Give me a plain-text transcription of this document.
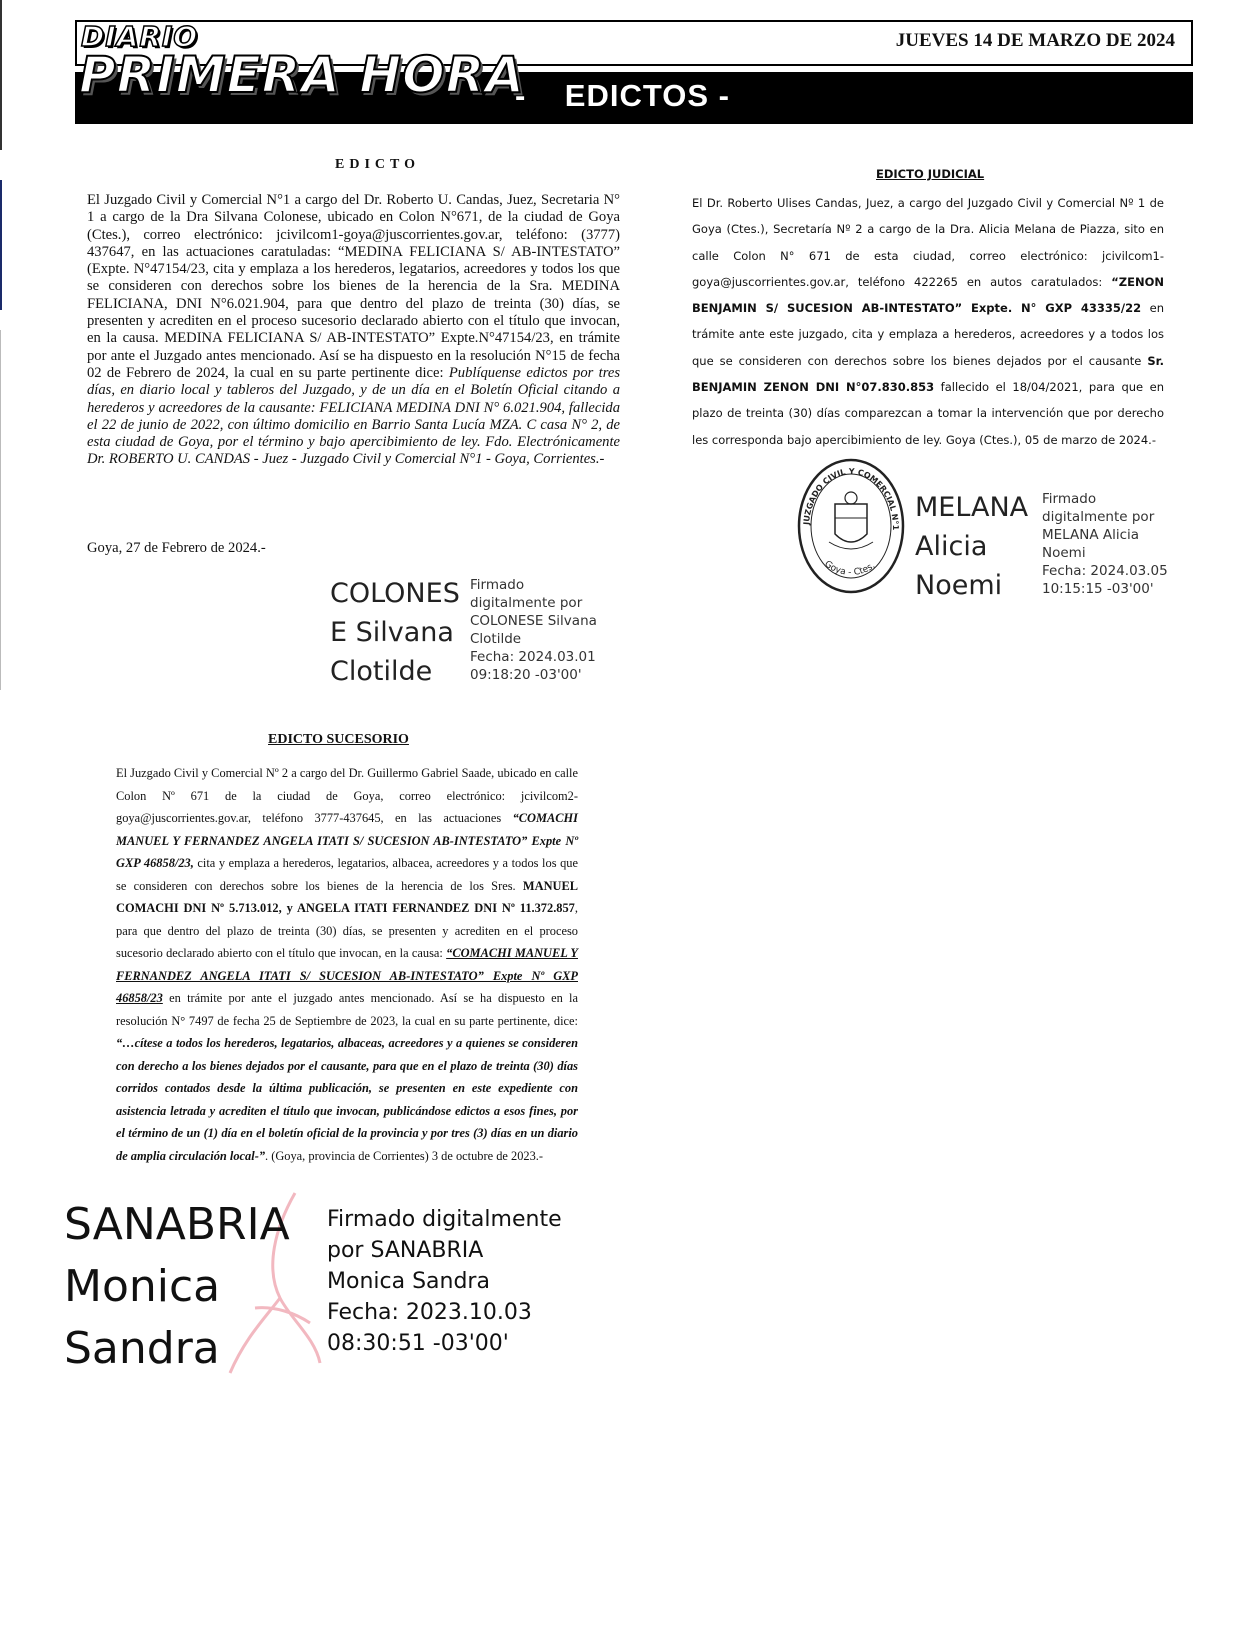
DIARIO
PRIMERA HORA
JUEVES 14 DE MARZO DE 2024
-    EDICTOS -
EDICTO
El Juzgado Civil y Comercial N°1 a cargo del Dr. Roberto U. Candas, Juez, Secretaria N° 1 a cargo de la Dra Silvana Colonese, ubicado en Colon N°671, de la ciudad de Goya (Ctes.), correo electrónico: jcivilcom1-goya@juscorrientes.gov.ar, teléfono: (3777) 437647, en las actuaciones caratuladas: “MEDINA FELICIANA S/ AB-INTESTATO” (Expte. N°47154/23, cita y emplaza a los herederos, legatarios, acreedores y todos los que se consideren con derechos sobre los bienes de la herencia de la Sra. MEDINA FELICIANA, DNI N°6.021.904, para que dentro del plazo de treinta (30) días, se presenten y acrediten en el proceso sucesorio declarado abierto con el título que invocan, en la causa. MEDINA FELICIANA S/ AB-INTESTATO” Expte.N°47154/23, en trámite por ante el Juzgado antes mencionado. Así se ha dispuesto en la resolución N°15 de fecha 02 de Febrero de 2024, la cual en su parte pertinente dice: Publíquense edictos por tres días, en diario local y tableros del Juzgado, y de un día en el Boletín Oficial citando a herederos y acreedores de la causante: FELICIANA MEDINA DNI N° 6.021.904, fallecida el 22 de junio de 2022, con último domicilio en Barrio Santa Lucía MZA. C casa N° 2, de esta ciudad de Goya, por el término y bajo apercibimiento de ley. Fdo. Electrónicamente Dr. ROBERTO U. CANDAS - Juez - Juzgado Civil y Comercial N°1 - Goya, Corrientes.-
Goya, 27 de Febrero de 2024.-
COLONES
E Silvana
Clotilde
Firmado
digitalmente por
COLONESE Silvana
Clotilde
Fecha: 2024.03.01
09:18:20 -03'00'
EDICTO JUDICIAL
El Dr. Roberto Ulises Candas, Juez, a cargo del Juzgado Civil y Comercial Nº 1 de Goya (Ctes.), Secretaría Nº 2 a cargo de la Dra. Alicia Melana de Piazza, sito en calle Colon N° 671 de esta ciudad, correo electrónico: jcivilcom1-goya@juscorrientes.gov.ar, teléfono 422265 en autos caratulados: “ZENON BENJAMIN S/ SUCESION AB-INTESTATO” Expte. N° GXP 43335/22 en trámite ante este juzgado, cita y emplaza a herederos, acreedores y a todos los que se consideren con derechos sobre los bienes dejados por el causante Sr. BENJAMIN ZENON DNI N°07.830.853 fallecido el 18/04/2021, para que en plazo de treinta (30) días comparezcan a tomar la intervención que por derecho les corresponda bajo apercibimiento de ley. Goya (Ctes.), 05 de marzo de 2024.-
JUZGADO CIVIL Y COMERCIAL N°1
Goya - Ctes.
MELANA
Alicia
Noemi
Firmado
digitalmente por
MELANA Alicia
Noemi
Fecha: 2024.03.05
10:15:15 -03'00'
EDICTO SUCESORIO
El Juzgado Civil y Comercial Nº 2 a cargo del Dr. Guillermo Gabriel Saade, ubicado en calle Colon Nº 671 de la ciudad de Goya, correo electrónico: jcivilcom2-goya@juscorrientes.gov.ar, teléfono 3777-437645, en las actuaciones “COMACHI MANUEL Y FERNANDEZ ANGELA ITATI S/ SUCESION AB-INTESTATO” Expte Nº GXP 46858/23, cita y emplaza a herederos, legatarios, albacea, acreedores y a todos los que se consideren con derechos sobre los bienes de la herencia de los Sres. MANUEL COMACHI DNI Nº 5.713.012, y ANGELA ITATI FERNANDEZ DNI Nº 11.372.857, para que dentro del plazo de treinta (30) días, se presenten y acrediten en el proceso sucesorio declarado abierto con el título que invocan, en la causa: “COMACHI MANUEL Y FERNANDEZ ANGELA ITATI S/ SUCESION AB-INTESTATO” Expte Nº GXP 46858/23 en trámite por ante el juzgado antes mencionado. Así se ha dispuesto en la resolución N° 7497 de fecha 25 de Septiembre de 2023, la cual en su parte pertinente, dice: “…cítese a todos los herederos, legatarios, albaceas, acreedores y a quienes se consideren con derecho a los bienes dejados por el causante, para que en el plazo de treinta (30) días corridos contados desde la última publicación, se presenten en este expediente con asistencia letrada y acrediten el título que invocan, publicándose edictos a esos fines, por el término de un (1) día en el boletín oficial de la provincia y por tres (3) días en un diario de amplia circulación local-”. (Goya, provincia de Corrientes) 3 de octubre de 2023.-
SANABRIA
Monica
Sandra
Firmado digitalmente
por SANABRIA
Monica Sandra
Fecha: 2023.10.03
08:30:51 -03'00'
